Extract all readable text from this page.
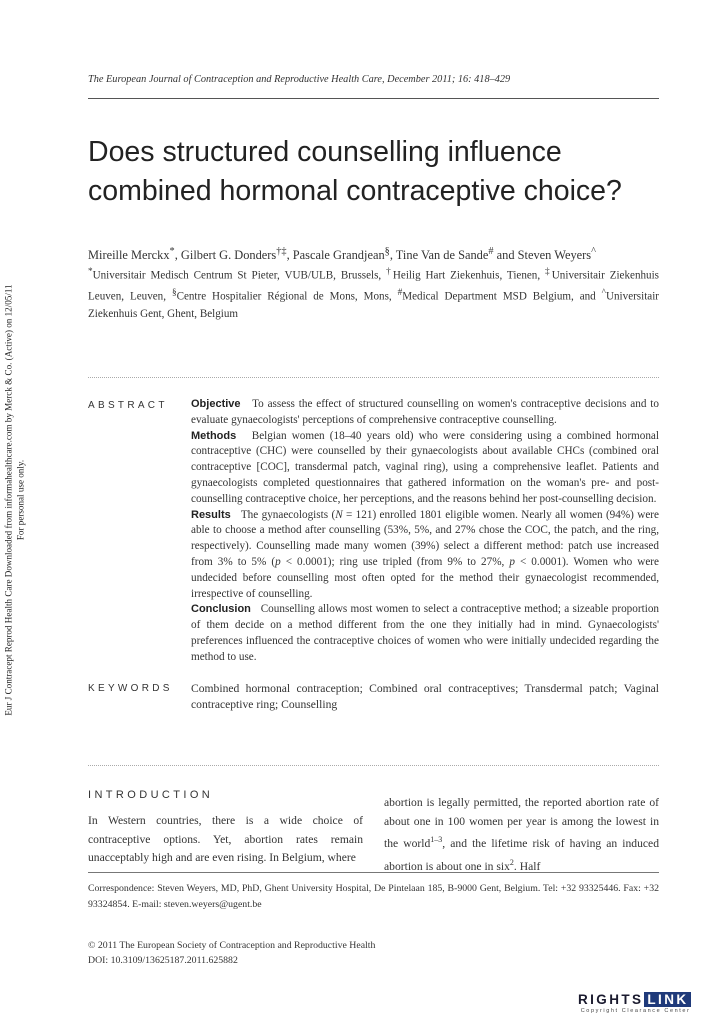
Eur J Contracept Reprod Health Care Downloaded from informahealthcare.com by Merck & Co. (Active) on 12/05/11 For personal use only.
The European Journal of Contraception and Reproductive Health Care, December 2011; 16: 418–429
Does structured counselling influence combined hormonal contraceptive choice?
Mireille Merckx*, Gilbert G. Donders†‡, Pascale Grandjean§, Tine Van de Sande# and Steven Weyers^
*Universitair Medisch Centrum St Pieter, VUB/ULB, Brussels, †Heilig Hart Ziekenhuis, Tienen, ‡Universitair Ziekenhuis Leuven, Leuven, §Centre Hospitalier Régional de Mons, Mons, #Medical Department MSD Belgium, and ^Universitair Ziekenhuis Gent, Ghent, Belgium
ABSTRACT Objective To assess the effect of structured counselling on women's contraceptive decisions and to evaluate gynaecologists' perceptions of comprehensive contraceptive counselling.

Methods Belgian women (18–40 years old) who were considering using a combined hormonal contraceptive (CHC) were counselled by their gynaecologists about available CHCs (combined oral contraceptive [COC], transdermal patch, vaginal ring), using a comprehensive leaflet. Patients and gynaecologists completed questionnaires that gathered information on the woman's pre- and post-counselling contraceptive choice, her perceptions, and the reasons behind her post-counselling decision.

Results The gynaecologists (N = 121) enrolled 1801 eligible women. Nearly all women (94%) were able to choose a method after counselling (53%, 5%, and 27% chose the COC, the patch, and the ring, respectively). Counselling made many women (39%) select a different method: patch use increased from 3% to 5% (p < 0.0001); ring use tripled (from 9% to 27%, p < 0.0001). Women who were undecided before counselling most often opted for the method their gynaecologist recommended, irrespective of counselling.

Conclusion Counselling allows most women to select a contraceptive method; a sizeable proportion of them decide on a method different from the one they initially had in mind. Gynaecologists' preferences influenced the contraceptive choices of women who were initially undecided regarding the method to use.

KEYWORDS Combined hormonal contraception; Combined oral contraceptives; Transdermal patch; Vaginal contraceptive ring; Counselling
INTRODUCTION
In Western countries, there is a wide choice of contraceptive options. Yet, abortion rates remain unacceptably high and are even rising. In Belgium, where
abortion is legally permitted, the reported abortion rate of about one in 100 women per year is among the lowest in the world$^{1-3}$, and the lifetime risk of having an induced abortion is about one in six$^2$. Half
Correspondence: Steven Weyers, MD, PhD, Ghent University Hospital, De Pintelaan 185, B-9000 Gent, Belgium. Tel: +32 93325446. Fax: +32 93324854. E-mail: steven.weyers@ugent.be
© 2011 The European Society of Contraception and Reproductive Health
DOI: 10.3109/13625187.2011.625882
RIGHTS LINK
Copyright Clearance Center
